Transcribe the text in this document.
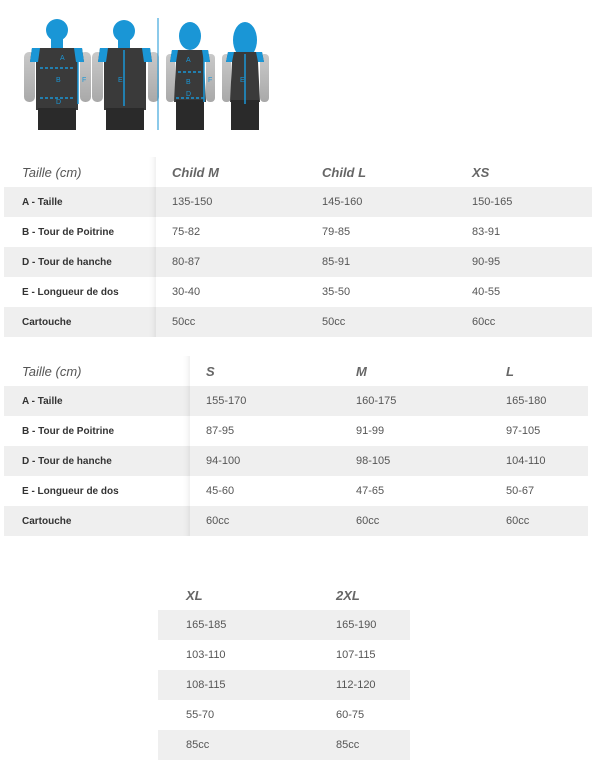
A
B
D
F	E
A
B
D
F	E
Taille (cm)	Child M	Child L	XS
A - Taille	135-150	145-160	150-165
B - Tour de Poitrine	75-82	79-85	83-91
D - Tour de hanche	80-87	85-91	90-95
E - Longueur de dos	30-40	35-50	40-55
Cartouche	50cc	50cc	60cc
Taille (cm)	S	M	L
A - Taille	155-170	160-175	165-180
B - Tour de Poitrine	87-95	91-99	97-105
D - Tour de hanche	94-100	98-105	104-110
E - Longueur de dos	45-60	47-65	50-67
Cartouche	60cc	60cc	60cc
XL	2XL
165-185	165-190
103-110	107-115
108-115	112-120
55-70	60-75
85cc	85cc
